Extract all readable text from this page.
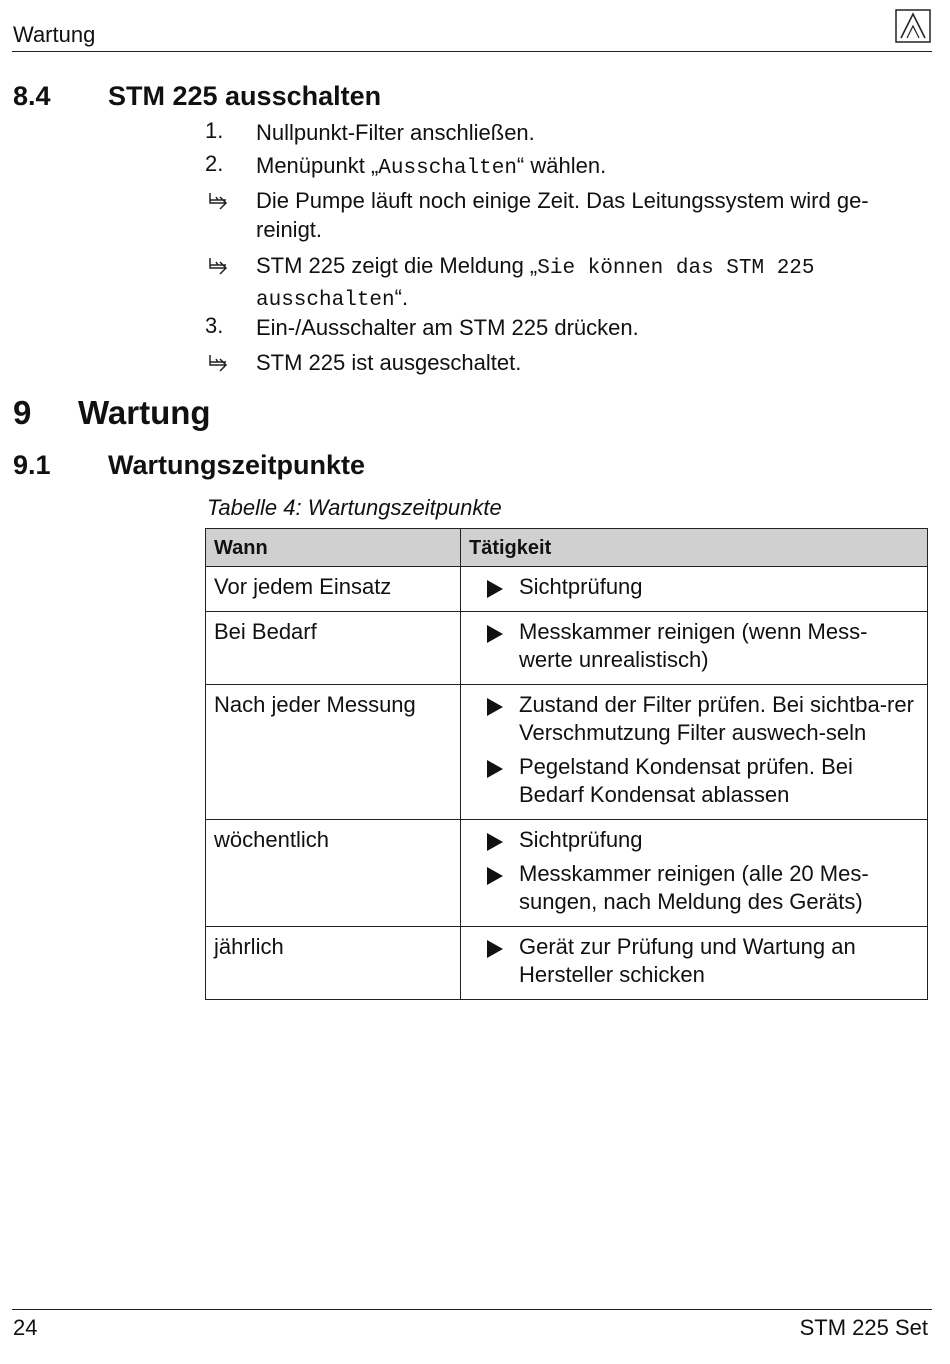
Wartung
8.4 STM 225 ausschalten
1. Nullpunkt-Filter anschließen.
2. Menüpunkt „Ausschalten“ wählen.
Die Pumpe läuft noch einige Zeit. Das Leitungssystem wird ge-
reinigt.
STM 225 zeigt die Meldung „Sie können das STM 225
ausschalten“.
3. Ein-/Ausschalter am STM 225 drücken.
STM 225 ist ausgeschaltet.
9 Wartung
9.1 Wartungszeitpunkte
Tabelle 4: Wartungszeitpunkte
Wann	Tätigkeit
Vor jedem Einsatz	Sichtprüfung

Bei Bedarf	Messkammer reinigen (wenn Mess-werte unrealistisch)

Nach jeder Messung	Zustand der Filter prüfen. Bei sichtba-rer Verschmutzung Filter auswech-seln
Pegelstand Kondensat prüfen. Bei Bedarf Kondensat ablassen

wöchentlich	Sichtprüfung
Messkammer reinigen (alle 20 Mes-sungen, nach Meldung des Geräts)

jährlich	Gerät zur Prüfung und Wartung an Hersteller schicken
24	STM 225 Set
